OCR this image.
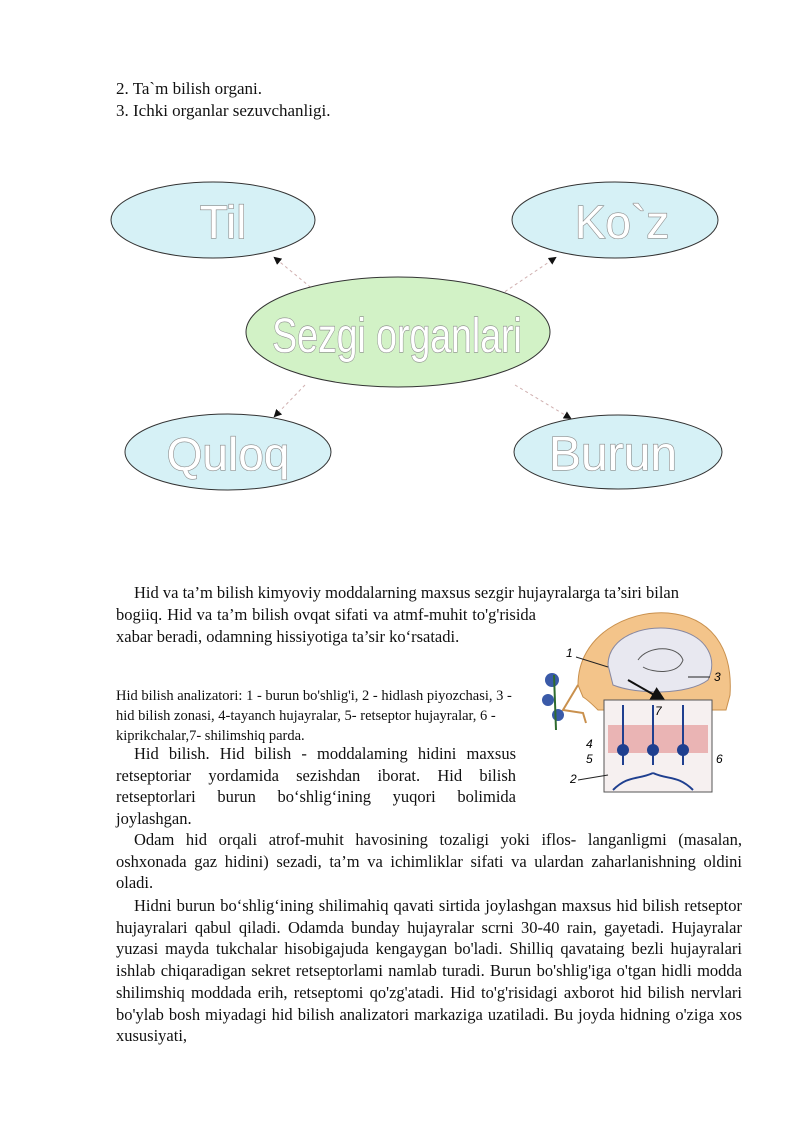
2. Ta`m bilish organi.
3. Ichki organlar sezuvchanligi.
Til	Ko`z
Sezgi organlari
Quloq	Burun
Hid va ta’m bilish kimyoviy moddalarning maxsus sezgir hujayralarga ta’siri bilan
bogiiq. Hid va ta’m bilish ovqat sifati va atmf-muhit to'g'risida xabar beradi, odamning hissiyotiga ta’sir ko‘rsatadi.
Hid bilish analizatori: 1 - burun bo'shlig'i, 2 - hidlash piyozchasi, 3 - hid bilish zonasi, 4-tayanch hujayralar, 5- retseptor hujayralar, 6 - kiprikchalar,7- shilimshiq parda.
Hid bilish. Hid bilish - moddalaming hidini maxsus retseptoriar yordamida sezishdan iborat. Hid bilish retseptorlari burun bo‘shlig‘ining yuqori bolimida joylashgan.
1
2
3
4
5	6
7
Odam hid orqali atrof-muhit havosining tozaligi yoki iflos- langanligmi (masalan, oshxonada gaz hidini) sezadi, ta’m va ichimliklar sifati va ulardan zaharlanishning oldini oladi.
Hidni burun bo‘shlig‘ining shilimahiq qavati sirtida joylashgan maxsus hid bilish retseptor hujayralari qabul qiladi. Odamda bunday hujayralar scrni 30-40 rain, gayetadi. Hujayralar yuzasi mayda tukchalar hisobigajuda kengaygan bo'ladi. Shilliq qavataing bezli hujayralari ishlab chiqaradigan sekret retseptorlami namlab turadi. Burun bo'shlig'iga o'tgan hidli modda shilimshiq moddada erih, retseptomi qo'zg'atadi. Hid to'g'risidagi axborot hid bilish nervlari bo'ylab bosh miyadagi hid bilish analizatori markaziga uzatiladi. Bu joyda hidning o'ziga xos xususiyati,
